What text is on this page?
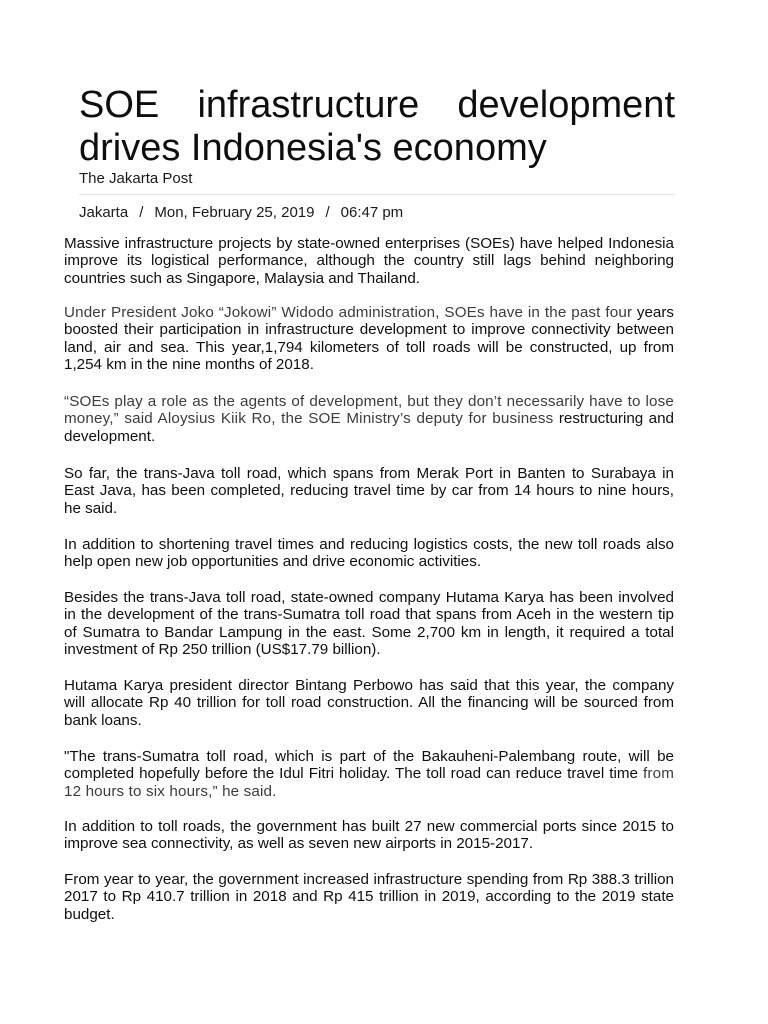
SOE infrastructure development drives Indonesia's economy
The Jakarta Post
Jakarta / Mon, February 25, 2019 / 06:47 pm

Massive infrastructure projects by state-owned enterprises (SOEs) have helped Indonesia improve its logistical performance, although the country still lags behind neighboring countries such as Singapore, Malaysia and Thailand.

Under President Joko “Jokowi” Widodo administration, SOEs have in the past four years boosted their participation in infrastructure development to improve connectivity between land, air and sea. This year,1,794 kilometers of toll roads will be constructed, up from 1,254 km in the nine months of 2018.

“SOEs play a role as the agents of development, but they don’t necessarily have to lose money,” said Aloysius Kiik Ro, the SOE Ministry’s deputy for business restructuring and development.

So far, the trans-Java toll road, which spans from Merak Port in Banten to Surabaya in East Java, has been completed, reducing travel time by car from 14 hours to nine hours, he said.

In addition to shortening travel times and reducing logistics costs, the new toll roads also help open new job opportunities and drive economic activities.

Besides the trans-Java toll road, state-owned company Hutama Karya has been involved in the development of the trans-Sumatra toll road that spans from Aceh in the western tip of Sumatra to Bandar Lampung in the east. Some 2,700 km in length, it required a total investment of Rp 250 trillion (US$17.79 billion).

Hutama Karya president director Bintang Perbowo has said that this year, the company will allocate Rp 40 trillion for toll road construction. All the financing will be sourced from bank loans.

"The trans-Sumatra toll road, which is part of the Bakauheni-Palembang route, will be completed hopefully before the Idul Fitri holiday. The toll road can reduce travel time from 12 hours to six hours,” he said.

In addition to toll roads, the government has built 27 new commercial ports since 2015 to improve sea connectivity, as well as seven new airports in 2015-2017.

From year to year, the government increased infrastructure spending from Rp 388.3 trillion 2017 to Rp 410.7 trillion in 2018 and Rp 415 trillion in 2019, according to the 2019 state budget.
